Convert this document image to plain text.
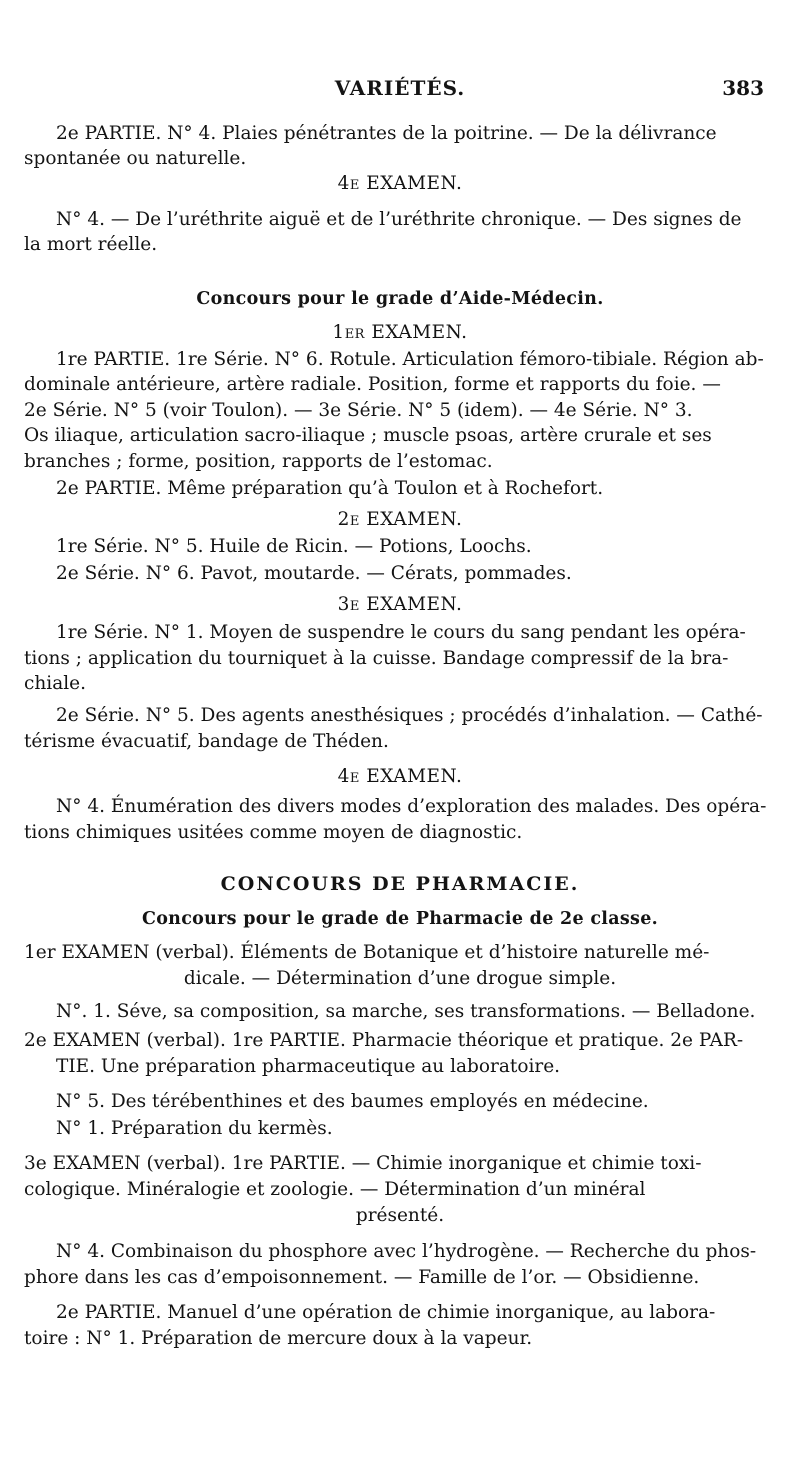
VARIÉTÉS.	383
2e PARTIE. N° 4. Plaies pénétrantes de la poitrine. — De la délivrance
spontanée ou naturelle.
4e EXAMEN.
N° 4. — De l’uréthrite aiguë et de l’uréthrite chronique. — Des signes de
la mort réelle.
Concours pour le grade d’Aide-Médecin.
1er EXAMEN.
1re PARTIE. 1re Série. N° 6. Rotule. Articulation fémoro-tibiale. Région ab-
dominale antérieure, artère radiale. Position, forme et rapports du foie. —
2e Série. N° 5 (voir Toulon). — 3e Série. N° 5 (idem). — 4e Série. N° 3.
Os iliaque, articulation sacro-iliaque ; muscle psoas, artère crurale et ses
branches ; forme, position, rapports de l’estomac.
2e PARTIE. Même préparation qu’à Toulon et à Rochefort.
2e EXAMEN.
1re Série. N° 5. Huile de Ricin. — Potions, Loochs.
2e Série. N° 6. Pavot, moutarde. — Cérats, pommades.
3e EXAMEN.
1re Série. N° 1. Moyen de suspendre le cours du sang pendant les opéra-
tions ; application du tourniquet à la cuisse. Bandage compressif de la bra-
chiale.
2e Série. N° 5. Des agents anesthésiques ; procédés d’inhalation. — Cathé-
térisme évacuatif, bandage de Théden.
4e EXAMEN.
N° 4. Énumération des divers modes d’exploration des malades. Des opéra-
tions chimiques usitées comme moyen de diagnostic.
CONCOURS DE PHARMACIE.
Concours pour le grade de Pharmacie de 2e classe.
1er EXAMEN (verbal). Éléments de Botanique et d’histoire naturelle mé-
dicale. — Détermination d’une drogue simple.
N°. 1. Séve, sa composition, sa marche, ses transformations. — Belladone.
2e EXAMEN (verbal). 1re PARTIE. Pharmacie théorique et pratique. 2e PAR-
TIE. Une préparation pharmaceutique au laboratoire.
N° 5. Des térébenthines et des baumes employés en médecine.
N° 1. Préparation du kermès.
3e EXAMEN (verbal). 1re PARTIE. — Chimie inorganique et chimie toxi-
cologique. Minéralogie et zoologie. — Détermination d’un minéral
présenté.
N° 4. Combinaison du phosphore avec l’hydrogène. — Recherche du phos-
phore dans les cas d’empoisonnement. — Famille de l’or. — Obsidienne.
2e PARTIE. Manuel d’une opération de chimie inorganique, au labora-
toire : N° 1. Préparation de mercure doux à la vapeur.
